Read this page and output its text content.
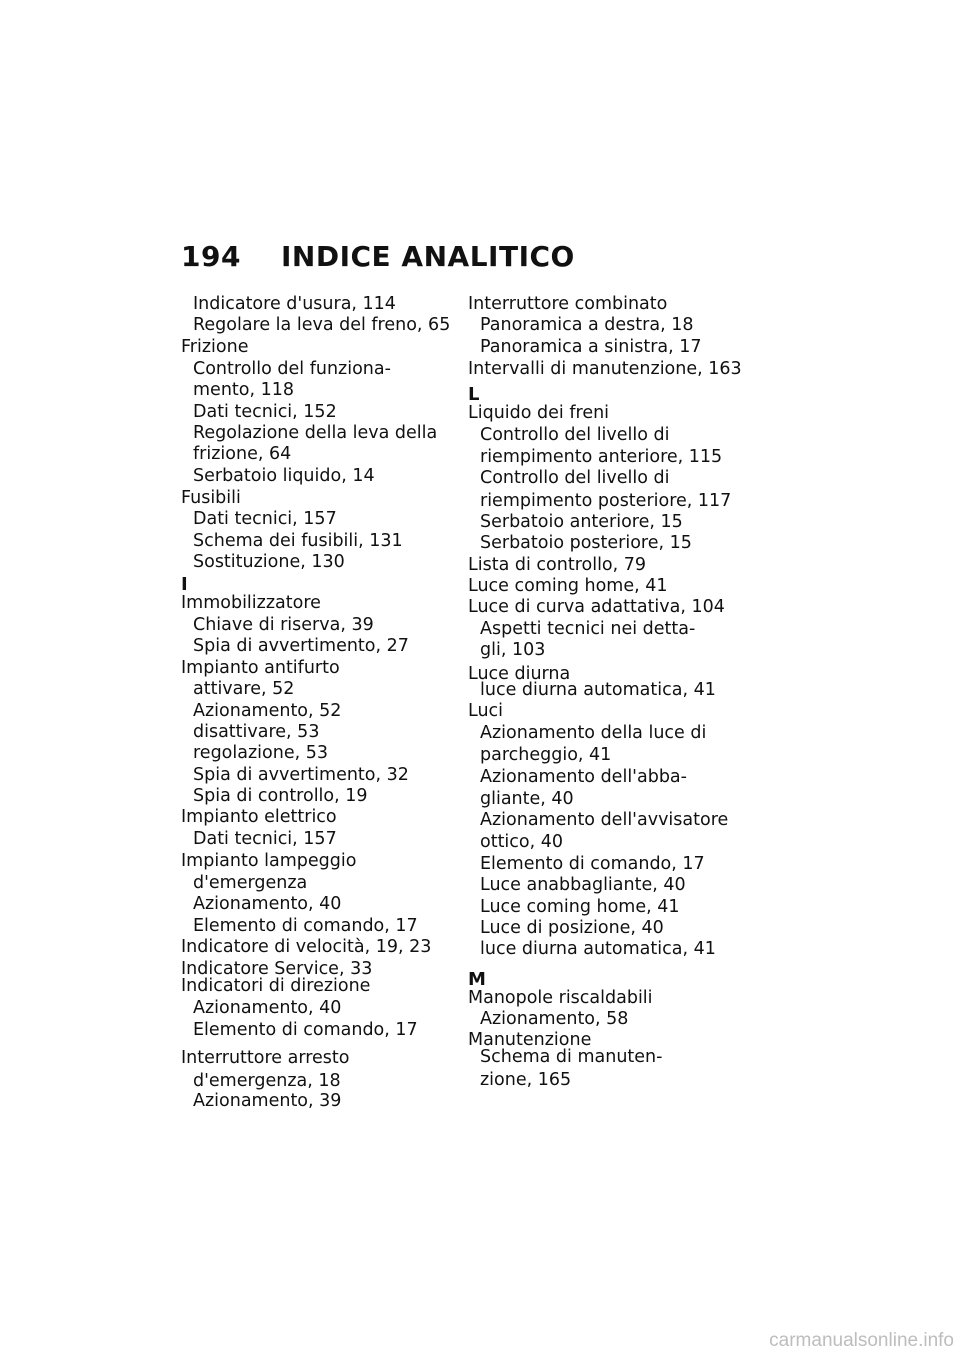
194 INDICE ANALITICO
Indicatore d'usura, 114
Regolare la leva del freno, 65
Frizione
Controllo del funziona-
mento, 118
Dati tecnici, 152
Regolazione della leva della
frizione, 64
Serbatoio liquido, 14
Fusibili
Dati tecnici, 157
Schema dei fusibili, 131
Sostituzione, 130
I
Immobilizzatore
Chiave di riserva, 39
Spia di avvertimento, 27
Impianto antifurto
attivare, 52
Azionamento, 52
disattivare, 53
regolazione, 53
Spia di avvertimento, 32
Spia di controllo, 19
Impianto elettrico
Dati tecnici, 157
Impianto lampeggio
d'emergenza
Azionamento, 40
Elemento di comando, 17
Indicatore di velocità, 19, 23
Indicatore Service, 33
Indicatori di direzione
Azionamento, 40
Elemento di comando, 17
Interruttore arresto
d'emergenza, 18
Azionamento, 39
Interruttore combinato
Panoramica a destra, 18
Panoramica a sinistra, 17
Intervalli di manutenzione, 163
L
Liquido dei freni
Controllo del livello di
riempimento anteriore, 115
Controllo del livello di
riempimento posteriore, 117
Serbatoio anteriore, 15
Serbatoio posteriore, 15
Lista di controllo, 79
Luce coming home, 41
Luce di curva adattativa, 104
Aspetti tecnici nei detta-
gli, 103
Luce diurna
luce diurna automatica, 41
Luci
Azionamento della luce di
parcheggio, 41
Azionamento dell'abba-
gliante, 40
Azionamento dell'avvisatore
ottico, 40
Elemento di comando, 17
Luce anabbagliante, 40
Luce coming home, 41
Luce di posizione, 40
luce diurna automatica, 41
M
Manopole riscaldabili
Azionamento, 58
Manutenzione
Schema di manuten-
zione, 165
carmanualsonline.info
